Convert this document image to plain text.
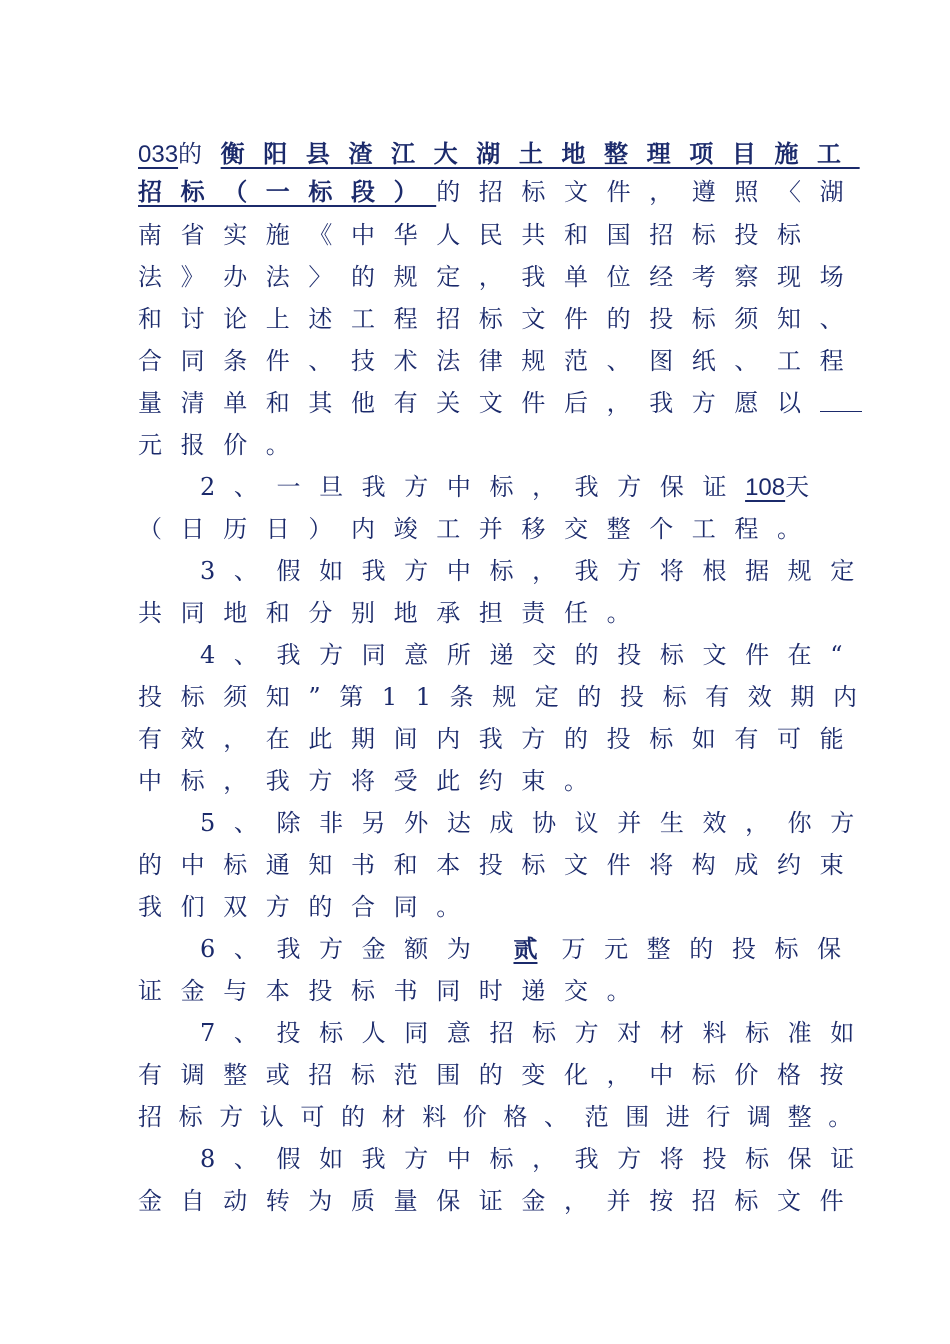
033的衡阳县渣江大湖土地整理项目施工
招标（一标段）的招标文件，遵照〈湖
南省实施《中华人民共和国招标投标
法》办法〉的规定，我单位经考察现场
和讨论上述工程招标文件的投标须知、
合同条件、技术法律规范、图纸、工程
量清单和其他有关文件后，我方愿以
元报价。
2、一旦我方中标，我方保证108天
（日历日）内竣工并移交整个工程。
3、假如我方中标，我方将根据规定
共同地和分别地承担责任。
4、我方同意所递交的投标文件在“
投标须知”第11条规定的投标有效期内
有效，在此期间内我方的投标如有可能
中标，我方将受此约束。
5、除非另外达成协议并生效，你方
的中标通知书和本投标文件将构成约束
我们双方的合同。
6、我方金额为 贰 万元整的投标保
证金与本投标书同时递交。
7、投标人同意招标方对材料标准如
有调整或招标范围的变化，中标价格按
招标方认可的材料价格、范围进行调整。
8、假如我方中标，我方将投标保证
金自动转为质量保证金，并按招标文件
